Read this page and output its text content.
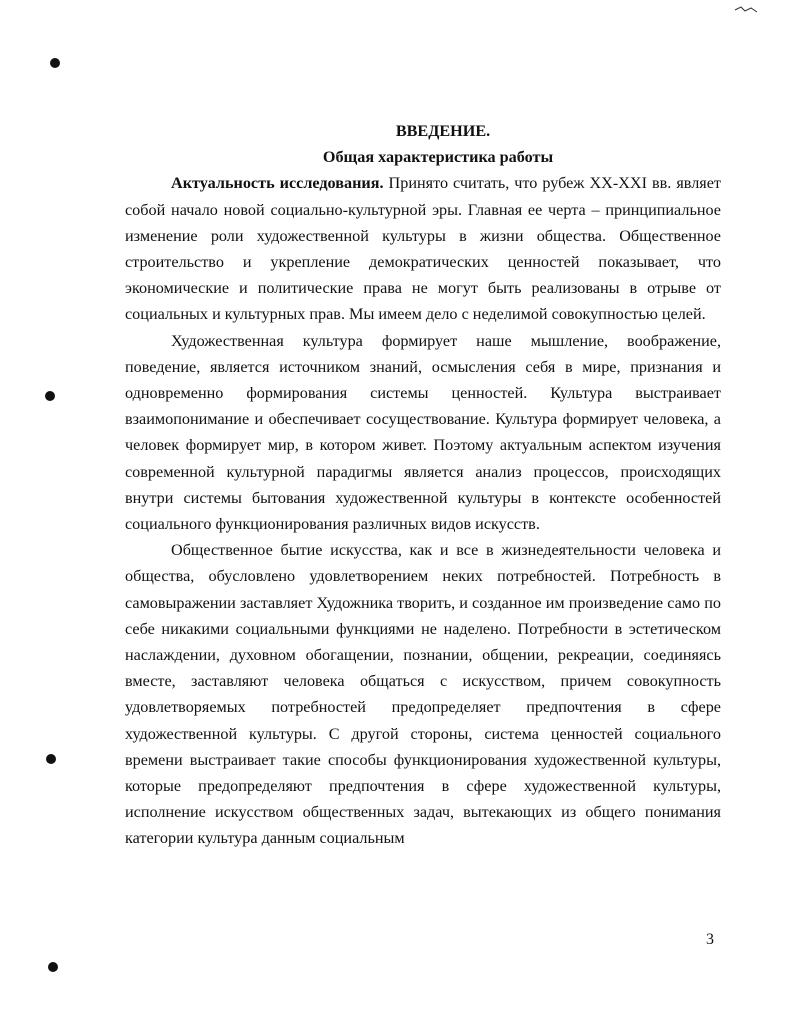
ВВЕДЕНИЕ.

Общая характеристика работы

Актуальность исследования. Принято считать, что рубеж XX-XXI вв. являет собой начало новой социально-культурной эры. Главная ее черта – принципиальное изменение роли художественной культуры в жизни общества. Общественное строительство и укрепление демократических ценностей показывает, что экономические и политические права не могут быть реализованы в отрыве от социальных и культурных прав. Мы имеем дело с неделимой совокупностью целей.

Художественная культура формирует наше мышление, воображение, поведение, является источником знаний, осмысления себя в мире, признания и одновременно формирования системы ценностей. Культура выстраивает взаимопонимание и обеспечивает сосуществование. Культура формирует человека, а человек формирует мир, в котором живет. Поэтому актуальным аспектом изучения современной культурной парадигмы является анализ процессов, происходящих внутри системы бытования художественной культуры в контексте особенностей социального функционирования различных видов искусств.

Общественное бытие искусства, как и все в жизнедеятельности человека и общества, обусловлено удовлетворением неких потребностей. Потребность в самовыражении заставляет Художника творить, и созданное им произведение само по себе никакими социальными функциями не наделено. Потребности в эстетическом наслаждении, духовном обогащении, познании, общении, рекреации, соединяясь вместе, заставляют человека общаться с искусством, причем совокупность удовлетворяемых потребностей предопределяет предпочтения в сфере художественной культуры. С другой стороны, система ценностей социального времени выстраивает такие способы функционирования художественной культуры, которые предопределяют предпочтения в сфере художественной культуры, исполнение искусством общественных задач, вытекающих из общего понимания категории культура данным социальным

3
